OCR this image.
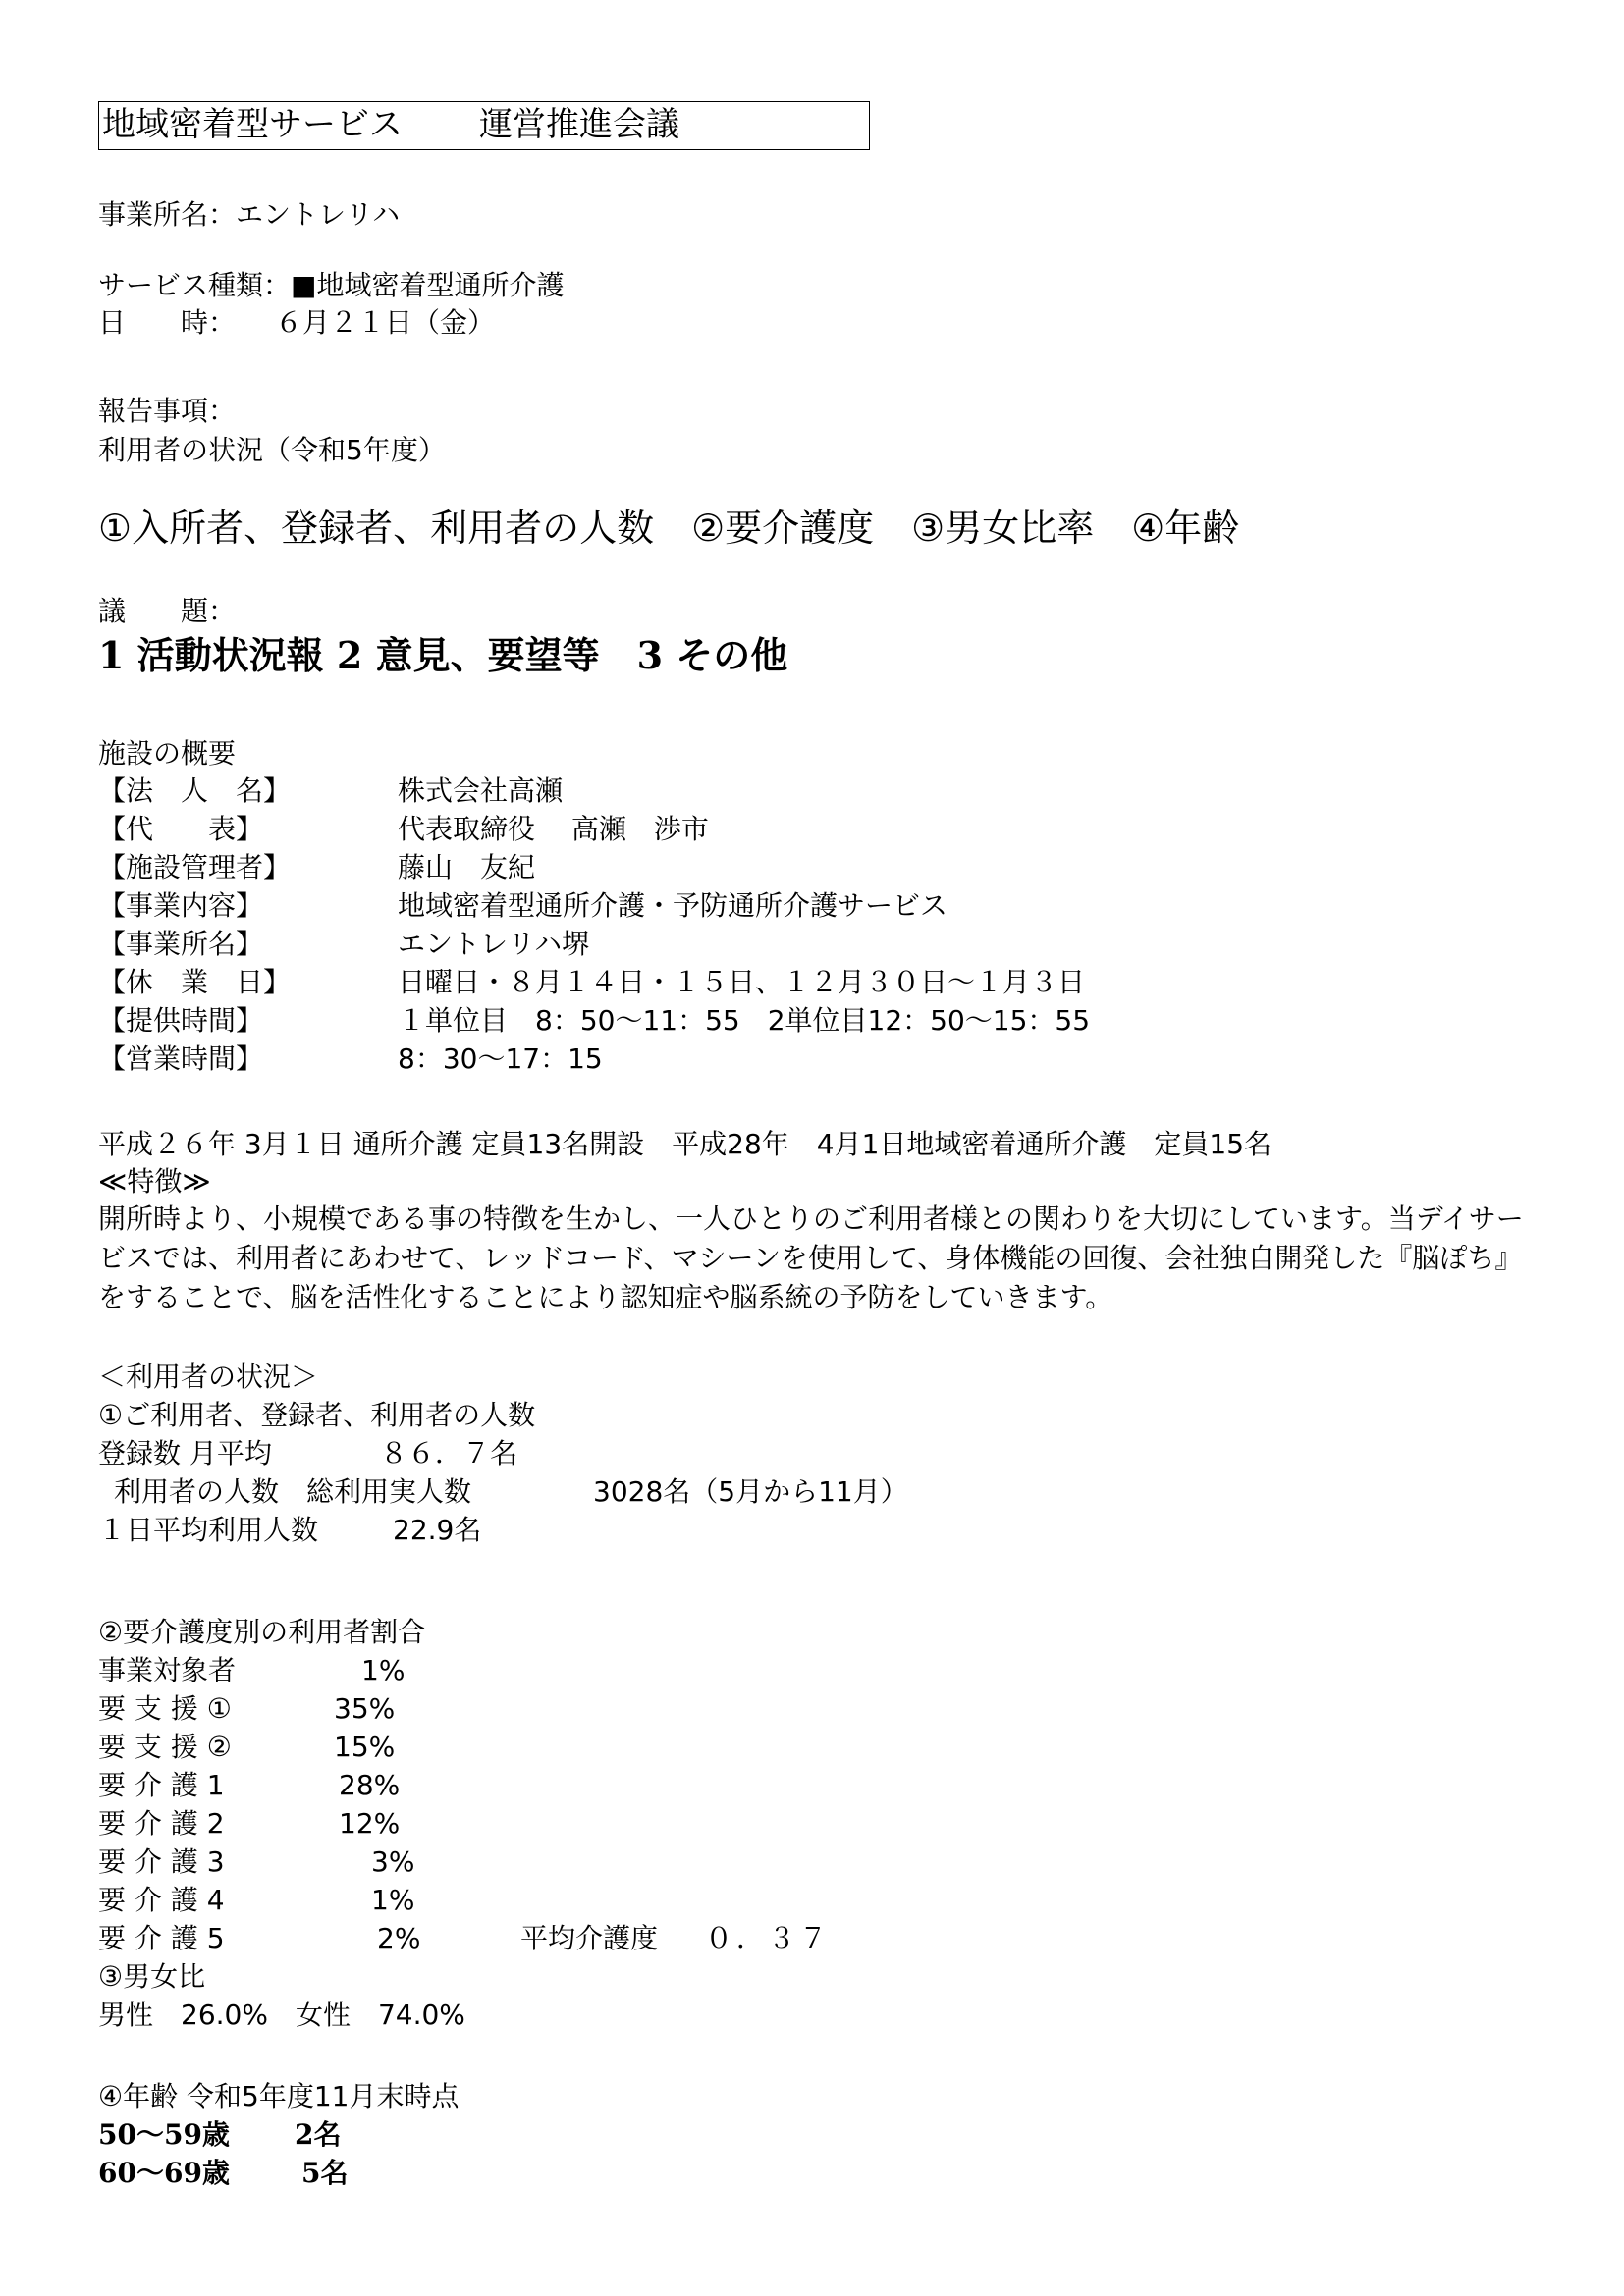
地域密着型サービス 運営推進会議
事業所名：エントレリハ
サービス種類：■地域密着型通所介護
日　　時： ６月２１日（金）
報告事項：
利用者の状況（令和5年度）
①入所者、登録者、利用者の人数　②要介護度　③男女比率　④年齢
議　　題：
1 活動状況報 2 意見、要望等　3 その他
施設の概要
【法　人　名】	株式会社高瀬
【代　　表】	代表取締役　 高瀬　渉市
【施設管理者】	藤山　友紀
【事業内容】	地域密着型通所介護・予防通所介護サービス
【事業所名】	エントレリハ堺
【休　業　日】	日曜日・８月１４日・１５日、１２月３０日～１月３日
【提供時間】	１単位目　8：50～11：55　2単位目12：50～15：55
【営業時間】	8：30～17：15
平成２６年 3月１日 通所介護 定員13名開設　平成28年　4月1日地域密着通所介護　定員15名
≪特徴≫
開所時より、小規模である事の特徴を生かし、一人ひとりのご利用者様との関わりを大切にしています。当デイサービスでは、利用者にあわせて、レッドコード、マシーンを使用して、身体機能の回復、会社独自開発した『脳ぽち』をすることで、脳を活性化することにより認知症や脳系統の予防をしていきます。
＜利用者の状況＞
①ご利用者、登録者、利用者の人数
登録数 月平均	８６．７名
利用者の人数　総利用実人数	3028名（5月から11月）
１日平均利用人数	22.9名
②要介護度別の利用者割合
事業対象者	1%
要 支 援 ①	35%
要 支 援 ②	15%
要 介 護 1	28%
要 介 護 2	12%
要 介 護 3	3%
要 介 護 4	1%
要 介 護 5	2%	平均介護度 ０．３７
③男女比
男性　26.0%　女性　74.0%
④年齢 令和5年度11月末時点
50～59歳 2名
60～69歳	5名
